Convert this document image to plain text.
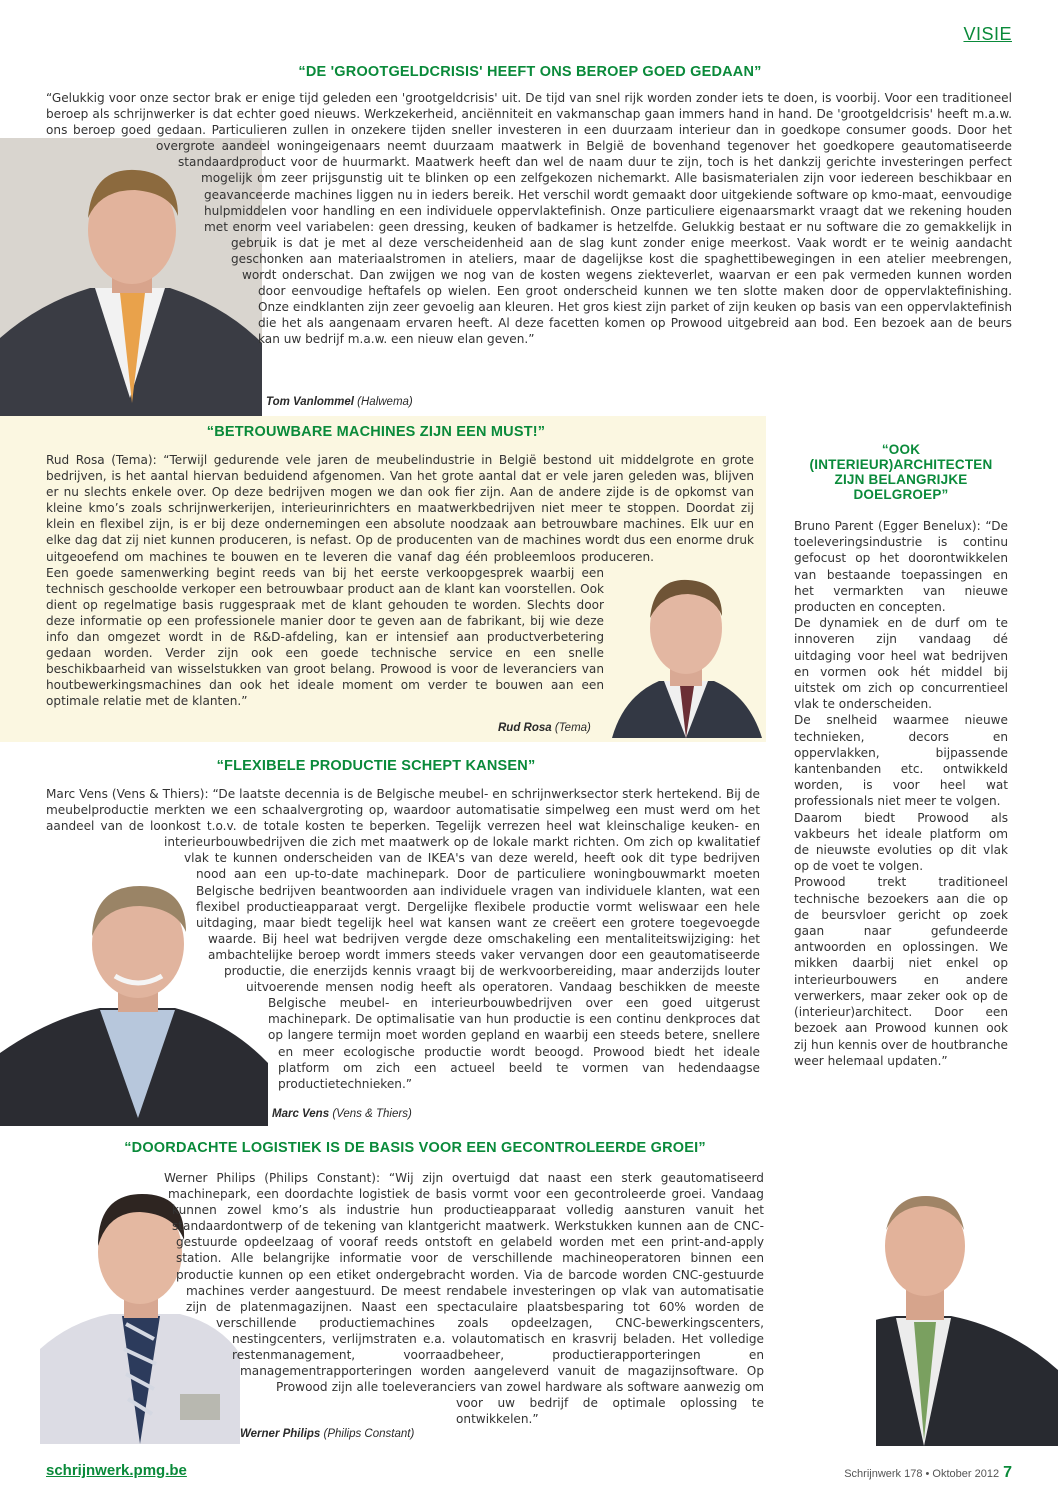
VISIE
“DE 'GROOTGELDCRISIS' HEEFT ONS BEROEP GOED GEDAAN”
Tom Vanlommel (Halwema)
“Gelukkig voor onze sector brak er enige tijd geleden een 'grootgeldcrisis' uit. De tijd van snel rijk worden zonder iets te doen, is voorbij. Voor een traditioneel beroep als schrijnwerker is dat echter goed nieuws. Werkzekerheid, anciënniteit en vakmanschap gaan immers hand in hand. De 'grootgeldcrisis' heeft m.a.w. ons beroep goed gedaan. Particulieren zullen in onzekere tijden sneller investeren in een duurzaam interieur dan in goedkope consumer goods. Door het overgrote aandeel woningeigenaars neemt duurzaam maatwerk in België de bovenhand tegenover het goedkopere geautomatiseerde standaardproduct voor de huurmarkt. Maatwerk heeft dan wel de naam duur te zijn, toch is het dankzij gerichte investeringen perfect mogelijk om zeer prijsgunstig uit te blinken op een zelfgekozen nichemarkt. Alle basismaterialen zijn voor iedereen beschikbaar en geavanceerde machines liggen nu in ieders bereik. Het verschil wordt gemaakt door uitgekiende software op kmo-maat, eenvoudige hulpmiddelen voor handling en een individuele oppervlaktefinish. Onze particuliere eigenaarsmarkt vraagt dat we rekening houden met enorm veel variabelen: geen dressing, keuken of badkamer is hetzelfde. Gelukkig bestaat er nu software die zo gemakkelijk in gebruik is dat je met al deze verscheidenheid aan de slag kunt zonder enige meerkost. Vaak wordt er te weinig aandacht geschonken aan materiaalstromen in ateliers, maar de dagelijkse kost die spaghettibewegingen in een atelier meebrengen, wordt onderschat. Dan zwijgen we nog van de kosten wegens ziekteverlet, waarvan er een pak vermeden kunnen worden door eenvoudige heftafels op wielen. Een groot onderscheid kunnen we ten slotte maken door de oppervlaktefinishing. Onze eindklanten zijn zeer gevoelig aan kleuren. Het gros kiest zijn parket of zijn keuken op basis van een oppervlaktefinish die het als aangenaam ervaren heeft. Al deze facetten komen op Prowood uitgebreid aan bod. Een bezoek aan de beurs kan uw bedrijf m.a.w. een nieuw elan geven.”
“BETROUWBARE MACHINES ZIJN EEN MUST!”
Rud Rosa (Tema)
Rud Rosa (Tema): “Terwijl gedurende vele jaren de meubelindustrie in België bestond uit middelgrote en grote bedrijven, is het aantal hiervan beduidend afgenomen. Van het grote aantal dat er vele jaren geleden was, blijven er nu slechts enkele over. Op deze bedrijven mogen we dan ook fier zijn. Aan de andere zijde is de opkomst van kleine kmo’s zoals schrijnwerkerijen, interieurinrichters en maatwerkbedrijven niet meer te stoppen. Doordat zij klein en flexibel zijn, is er bij deze ondernemingen een absolute noodzaak aan betrouwbare machines. Elk uur en elke dag dat zij niet kunnen produceren, is nefast. Op de producenten van de machines wordt dus een enorme druk uitgeoefend om machines te bouwen en te leveren die vanaf dag één probleemloos produceren. Een goede samenwerking begint reeds van bij het eerste verkoopgesprek waarbij een technisch geschoolde verkoper een betrouwbaar product aan de klant kan voorstellen. Ook dient op regelmatige basis ruggespraak met de klant gehouden te worden. Slechts door deze informatie op een professionele manier door te geven aan de fabrikant, bij wie deze info dan omgezet wordt in de R&D-afdeling, kan er intensief aan productverbetering gedaan worden. Verder zijn ook een goede technische service en een snelle beschikbaarheid van wisselstukken van groot belang. Prowood is voor de leveranciers van houtbewerkingsmachines dan ook het ideale moment om verder te bouwen aan een optimale relatie met de klanten.”
“FLEXIBELE PRODUCTIE SCHEPT KANSEN”
Marc Vens (Vens & Thiers)
Marc Vens (Vens & Thiers): “De laatste decennia is de Belgische meubel- en schrijnwerksector sterk hertekend. Bij de meubelproductie merkten we een schaalvergroting op, waardoor automatisatie simpelweg een must werd om het aandeel van de loonkost t.o.v. de totale kosten te beperken. Tegelijk verrezen heel wat kleinschalige keuken- en interieurbouwbedrijven die zich met maatwerk op de lokale markt richten. Om zich op kwalitatief vlak te kunnen onderscheiden van de IKEA's van deze wereld, heeft ook dit type bedrijven nood aan een up-to-date machinepark. Door de particuliere woningbouwmarkt moeten Belgische bedrijven beantwoorden aan individuele vragen van individuele klanten, wat een flexibel productieapparaat vergt. Dergelijke flexibele productie vormt weliswaar een hele uitdaging, maar biedt tegelijk heel wat kansen want ze creëert een grotere toegevoegde waarde. Bij heel wat bedrijven vergde deze omschakeling een mentaliteitswijziging: het ambachtelijke beroep wordt immers steeds vaker vervangen door een geautomatiseerde productie, die enerzijds kennis vraagt bij de werkvoorbereiding, maar anderzijds louter uitvoerende mensen nodig heeft als operatoren. Vandaag beschikken de meeste Belgische meubel- en interieurbouwbedrijven over een goed uitgerust machinepark. De optimalisatie van hun productie is een continu denkproces dat op langere termijn moet worden gepland en waarbij een steeds betere, snellere en meer ecologische productie wordt beoogd. Prowood biedt het ideale platform om zich een actueel beeld te vormen van hedendaagse productietechnieken.”
“DOORDACHTE LOGISTIEK IS DE BASIS VOOR EEN GECONTROLEERDE GROEI”
Werner Philips (Philips Constant)
Werner Philips (Philips Constant): “Wij zijn overtuigd dat naast een sterk geautomatiseerd machinepark, een doordachte logistiek de basis vormt voor een gecontroleerde groei. Vandaag kunnen zowel kmo’s als industrie hun productieapparaat volledig aansturen vanuit het standaardontwerp of de tekening van klantgericht maatwerk. Werkstukken kunnen aan de CNC-gestuurde opdeelzaag of vooraf reeds ontstoft en gelabeld worden met een print-and-apply station. Alle belangrijke informatie voor de verschillende machineoperatoren binnen een productie kunnen op een etiket ondergebracht worden. Via de barcode worden CNC-gestuurde machines verder aangestuurd. De meest rendabele investeringen op vlak van automatisatie zijn de platenmagazijnen. Naast een spectaculaire plaatsbesparing tot 60% worden de verschillende productiemachines zoals opdeelzagen, CNC-bewerkingscenters, nestingcenters, verlijmstraten e.a. volautomatisch en krasvrij beladen. Het volledige restenmanagement, voorraadbeheer, productierapporteringen en managementrapporteringen worden aangeleverd vanuit de magazijnsoftware. Op Prowood zijn alle toeleveranciers van zowel hardware als software aanwezig om voor uw bedrijf de optimale oplossing te ontwikkelen.”
“OOK (INTERIEUR)ARCHITECTEN ZIJN BELANGRIJKE DOELGROEP”

Bruno Parent (Egger Benelux): “De toeleveringsindustrie is continu gefocust op het doorontwikkelen van bestaande toepassingen en het vermarkten van nieuwe producten en concepten.

De dynamiek en de durf om te innoveren zijn vandaag dé uitdaging voor heel wat bedrijven en vormen ook hét middel bij uitstek om zich op concurrentieel vlak te onderscheiden.

De snelheid waarmee nieuwe technieken, decors en oppervlakken, bijpassende kantenbanden etc. ontwikkeld worden, is voor heel wat professionals niet meer te volgen.

Daarom biedt Prowood als vakbeurs het ideale platform om de nieuwste evoluties op dit vlak op de voet te volgen.

Prowood trekt traditioneel technische bezoekers aan die op de beursvloer gericht op zoek gaan naar gefundeerde antwoorden en oplossingen. We mikken daarbij niet enkel op interieurbouwers en andere verwerkers, maar zeker ook op de (interieur)architect. Door een bezoek aan Prowood kunnen ook zij hun kennis over de houtbranche weer helemaal updaten.”

schrijnwerk.pmg.be	Schrijnwerk 178 • Oktober 2012 7
